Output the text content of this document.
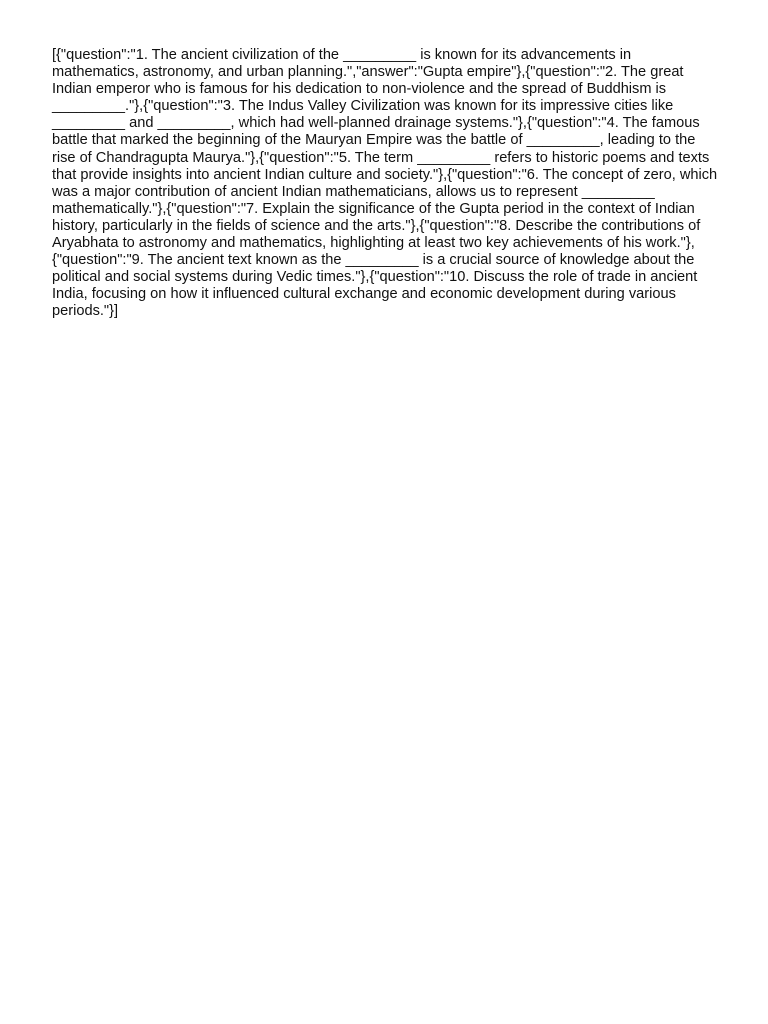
[{"question":"1. The ancient civilization of the _________ is known for its advancements in mathematics, astronomy, and urban planning.","answer":"Gupta empire"},{"question":"2. The great Indian emperor who is famous for his dedication to non-violence and the spread of Buddhism is _________."},{"question":"3. The Indus Valley Civilization was known for its impressive cities like _________ and _________, which had well-planned drainage systems."},{"question":"4. The famous battle that marked the beginning of the Mauryan Empire was the battle of _________, leading to the rise of Chandragupta Maurya."},{"question":"5. The term _________ refers to historic poems and texts that provide insights into ancient Indian culture and society."},{"question":"6. The concept of zero, which was a major contribution of ancient Indian mathematicians, allows us to represent _________ mathematically."},{"question":"7. Explain the significance of the Gupta period in the context of Indian history, particularly in the fields of science and the arts."},{"question":"8. Describe the contributions of Aryabhata to astronomy and mathematics, highlighting at least two key achievements of his work."},{"question":"9. The ancient text known as the _________ is a crucial source of knowledge about the political and social systems during Vedic times."},{"question":"10. Discuss the role of trade in ancient India, focusing on how it influenced cultural exchange and economic development during various periods."}]
